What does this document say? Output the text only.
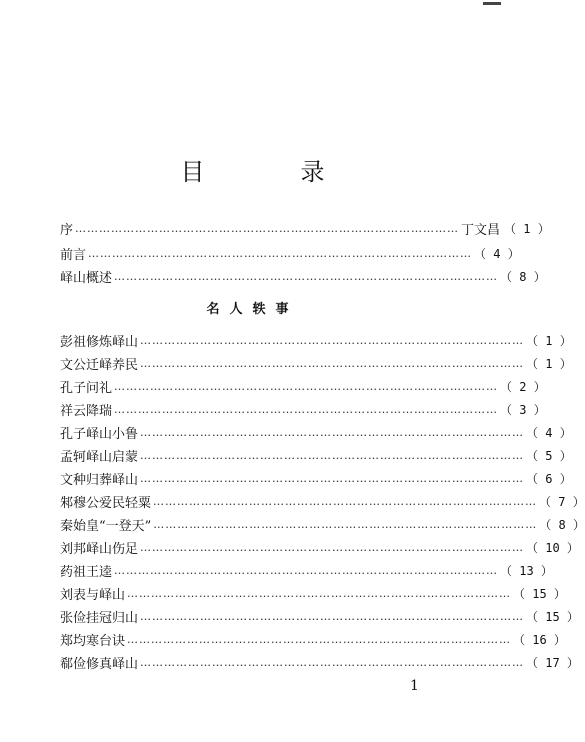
目	录
序 …………………………………………………………………………………… 丁文昌 （ 1 ）
前言 …………………………………………………………………………………… （ 4 ）
峄山概述 …………………………………………………………………………………… （ 8 ）
名人轶事
彭祖修炼峄山 …………………………………………………………………………………… （ 1 ）
文公迁峄养民 …………………………………………………………………………………… （ 1 ）
孔子问礼 …………………………………………………………………………………… （ 2 ）
祥云降瑞 …………………………………………………………………………………… （ 3 ）
孔子峄山小鲁 …………………………………………………………………………………… （ 4 ）
孟轲峄山启蒙 …………………………………………………………………………………… （ 5 ）
文种归葬峄山 …………………………………………………………………………………… （ 6 ）
邾穆公爱民轻粟 …………………………………………………………………………………… （ 7 ）
秦始皇“一登天” …………………………………………………………………………………… （ 8 ）
刘邦峄山伤足 …………………………………………………………………………………… （ 10 ）
药祖王逵 …………………………………………………………………………………… （ 13 ）
刘表与峄山 …………………………………………………………………………………… （ 15 ）
张俭挂冠归山 …………………………………………………………………………………… （ 15 ）
郑均寒台诀 …………………………………………………………………………………… （ 16 ）
郗俭修真峄山 …………………………………………………………………………………… （ 17 ）
1
